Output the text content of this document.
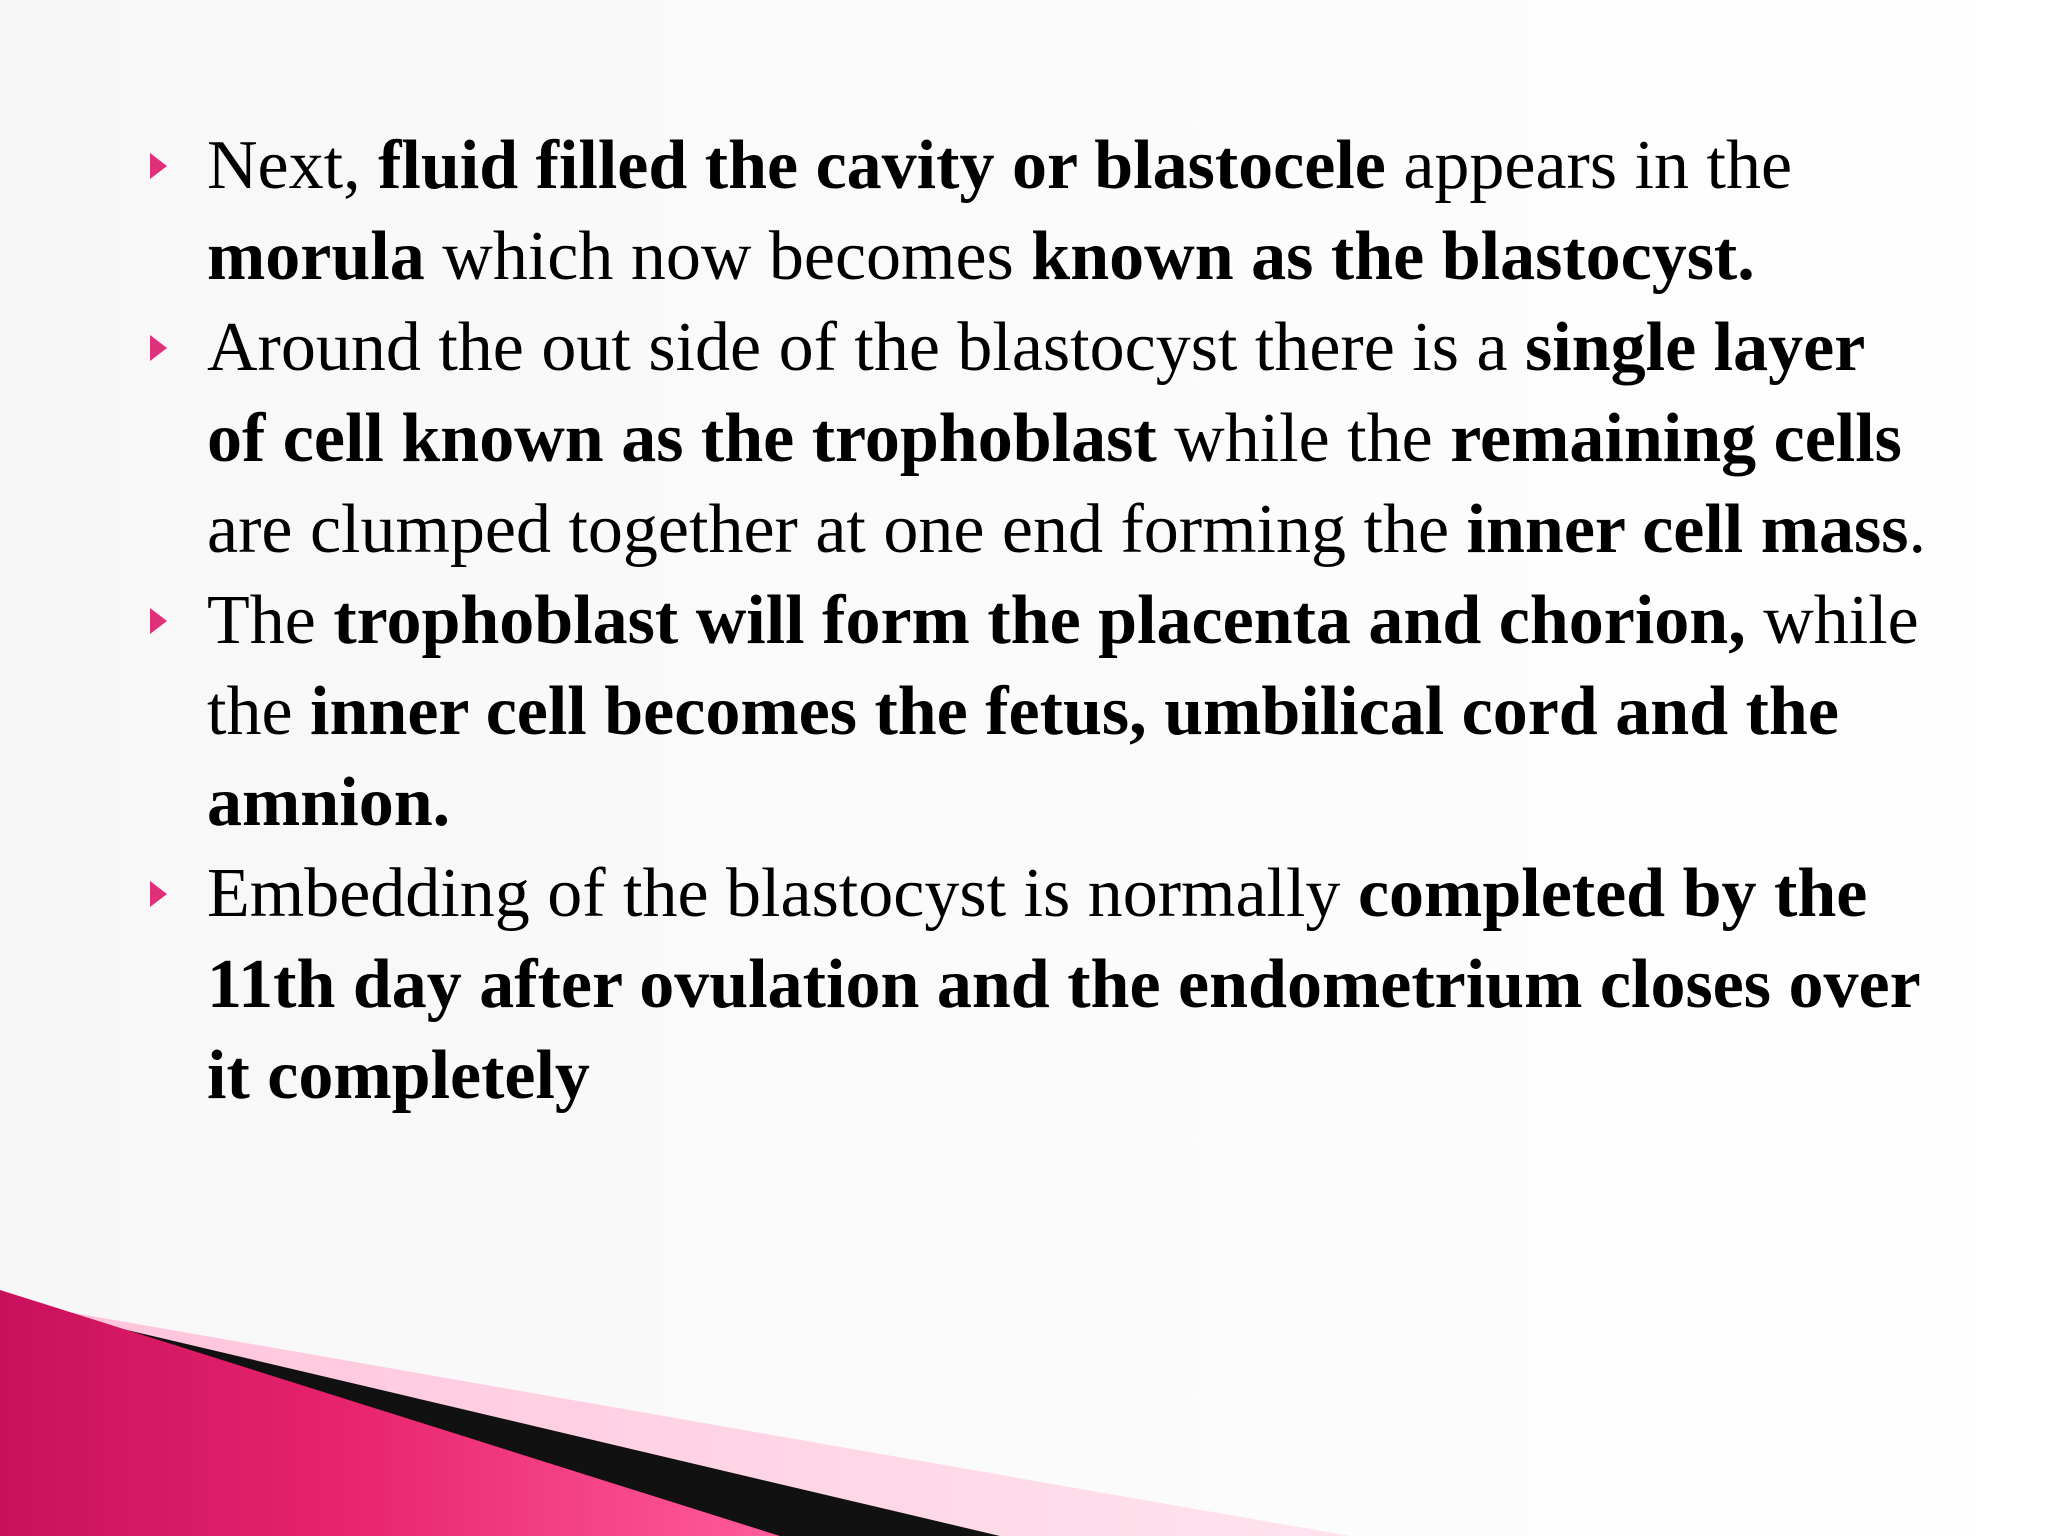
Next, fluid filled the cavity or blastocele appears in the morula which now becomes known as the blastocyst.
Around the out side of the blastocyst there is a single layer of cell known as the trophoblast while the remaining cells are clumped together at one end forming the inner cell mass.
The trophoblast will form the placenta and chorion, while the inner cell becomes the fetus, umbilical cord and the amnion.
Embedding of the blastocyst is normally completed by the 11th day after ovulation and the endometrium closes over it completely
